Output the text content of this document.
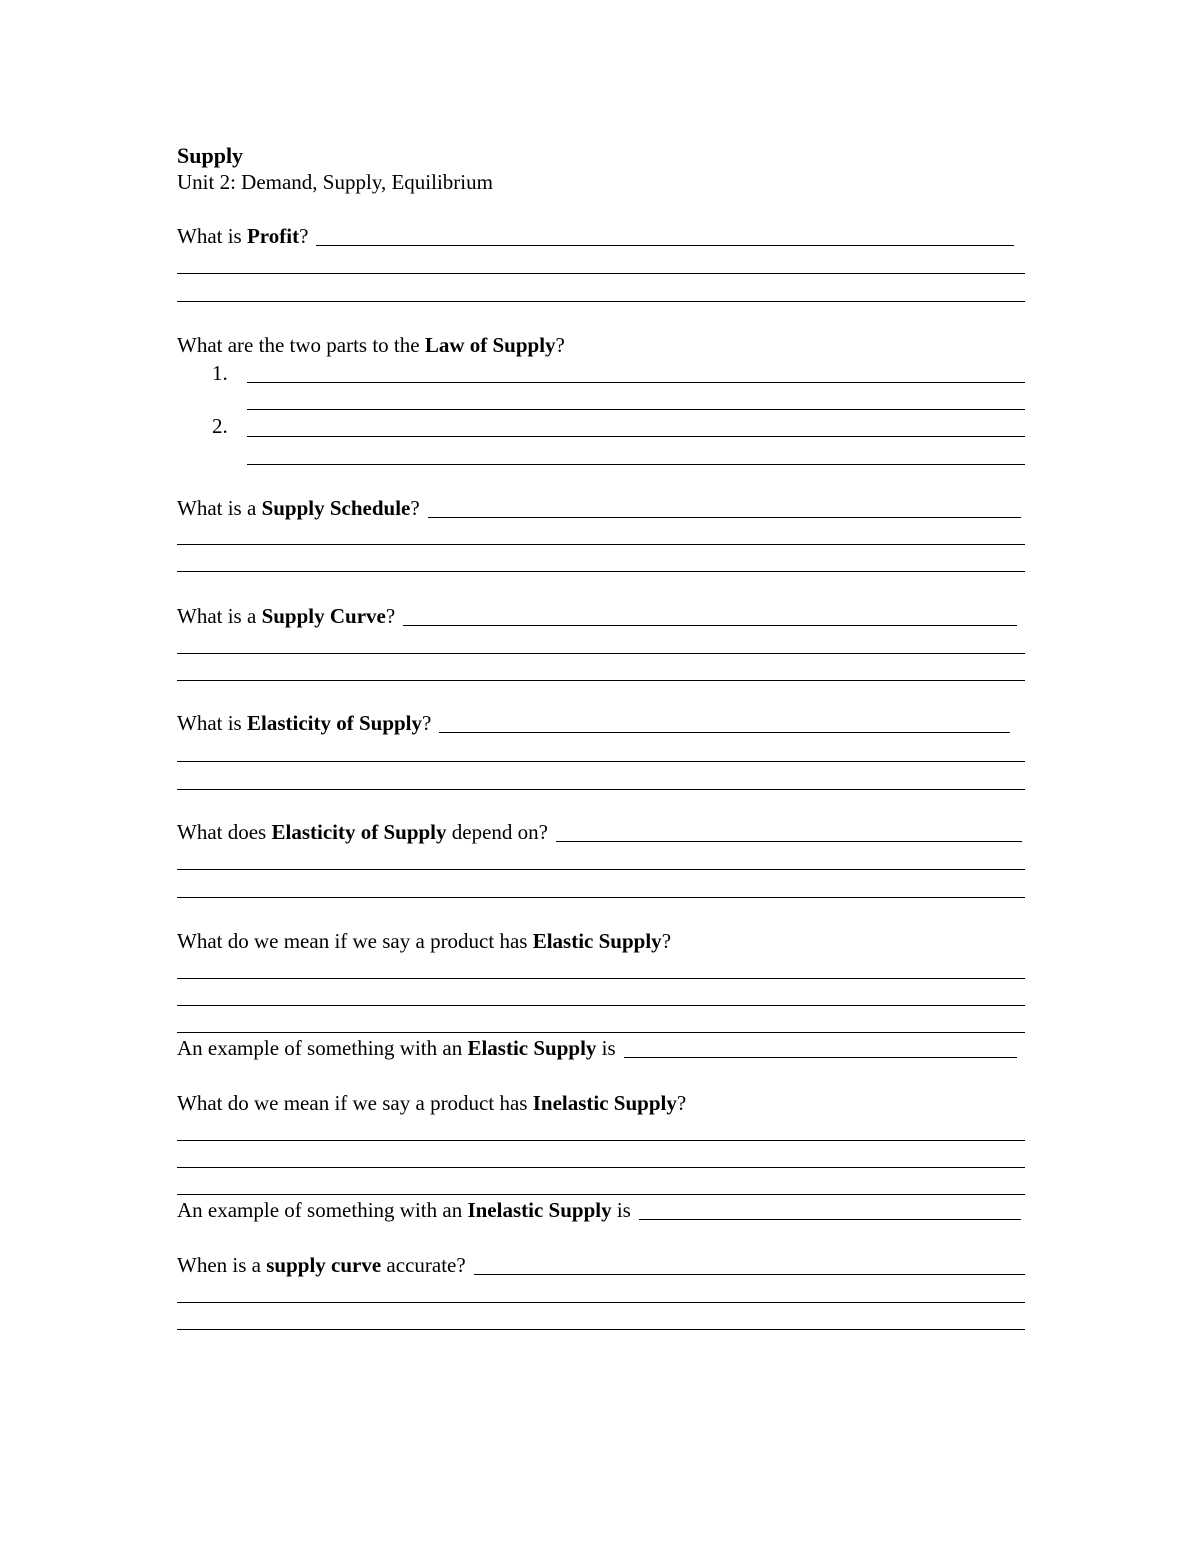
Supply
Unit 2: Demand, Supply, Equilibrium
What is Profit?
What are the two parts to the Law of Supply?
1.
2.
What is a Supply Schedule?
What is a Supply Curve?
What is Elasticity of Supply?
What does Elasticity of Supply depend on?
What do we mean if we say a product has Elastic Supply?
An example of something with an Elastic Supply is
What do we mean if we say a product has Inelastic Supply?
An example of something with an Inelastic Supply is
When is a supply curve accurate?
